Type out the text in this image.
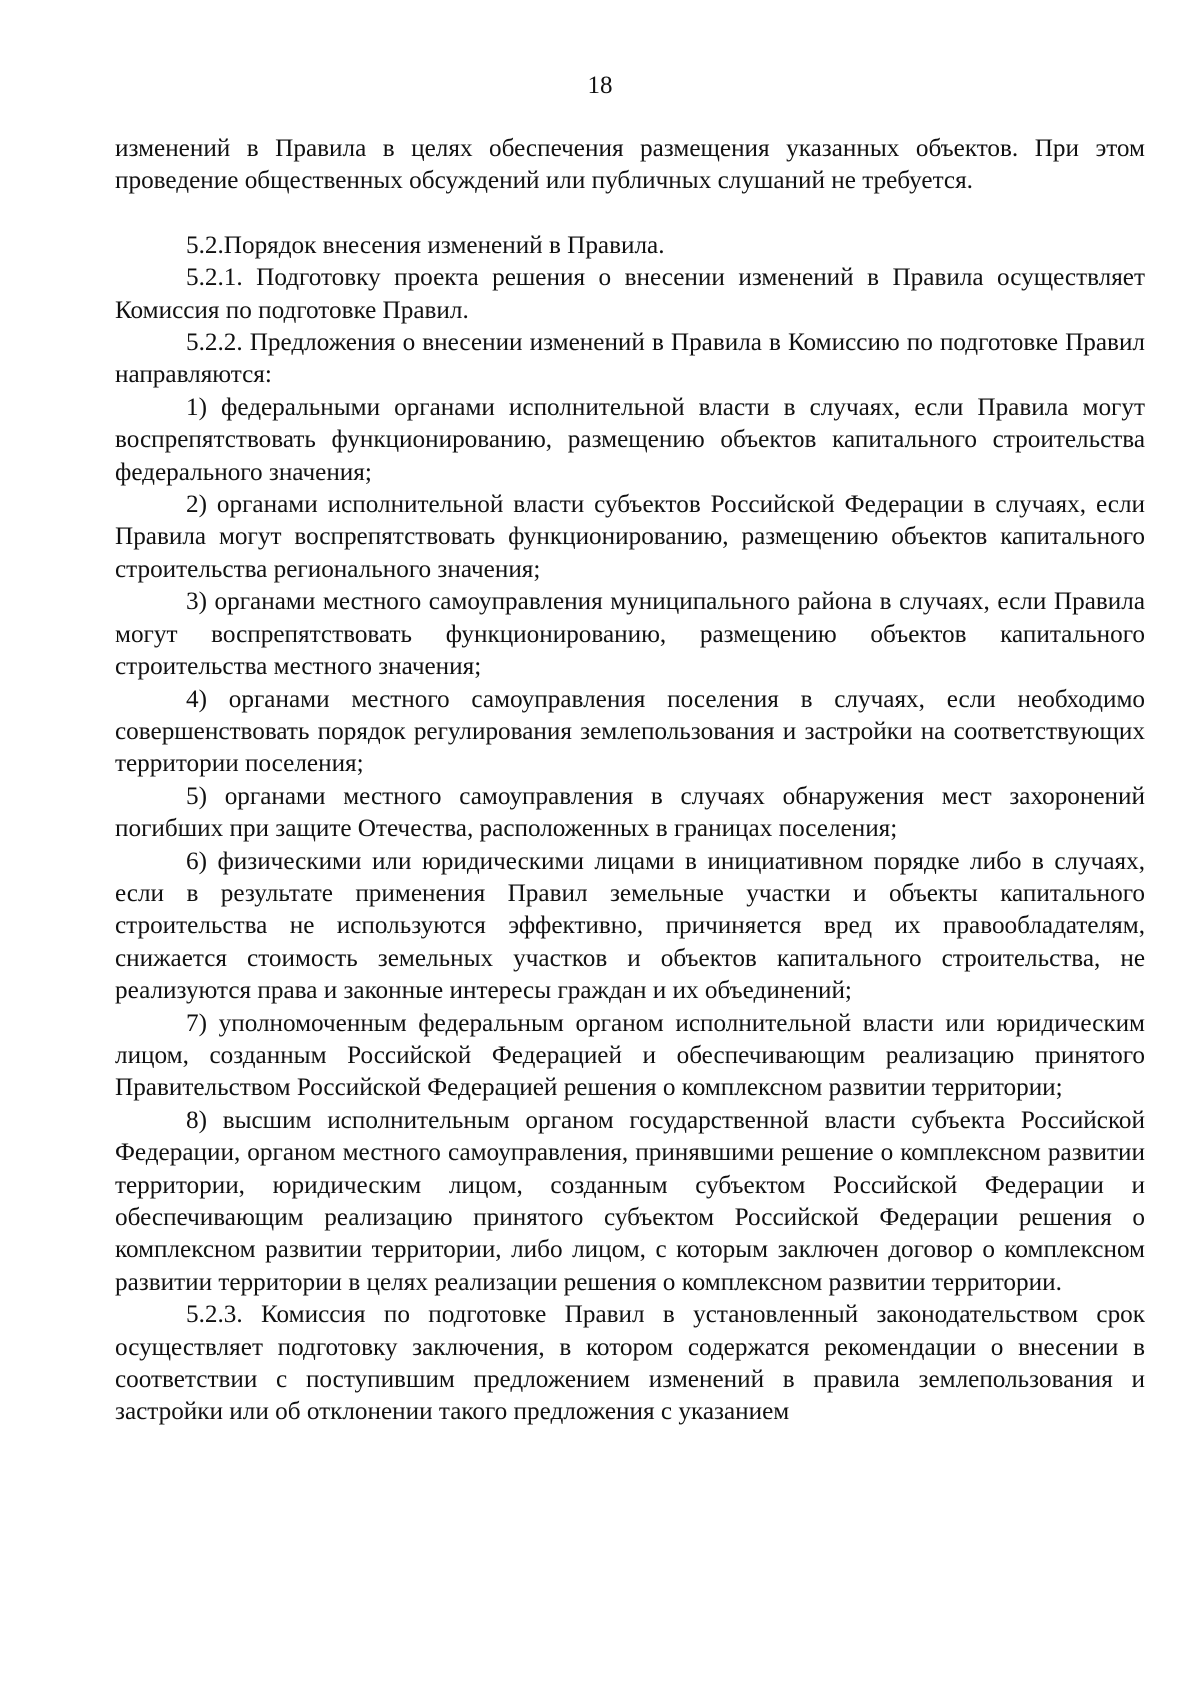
18

изменений в Правила в целях обеспечения размещения указанных объектов. При этом проведение общественных обсуждений или публичных слушаний не требуется.

5.2.Порядок внесения изменений в Правила.

5.2.1. Подготовку проекта решения о внесении изменений в Правила осуществляет Комиссия по подготовке Правил.

5.2.2. Предложения о внесении изменений в Правила в Комиссию по подготовке Правил направляются:

1) федеральными органами исполнительной власти в случаях, если Правила могут воспрепятствовать функционированию, размещению объектов капитального строительства федерального значения;

2) органами исполнительной власти субъектов Российской Федерации в случаях, если Правила могут воспрепятствовать функционированию, размещению объектов капитального строительства регионального значения;

3) органами местного самоуправления муниципального района в случаях, если Правила могут воспрепятствовать функционированию, размещению объектов капитального строительства местного значения;

4) органами местного самоуправления поселения в случаях, если необходимо совершенствовать порядок регулирования землепользования и застройки на соответствующих территории поселения;

5) органами местного самоуправления в случаях обнаружения мест захоронений погибших при защите Отечества, расположенных в границах поселения;

6) физическими или юридическими лицами в инициативном порядке либо в случаях, если в результате применения Правил земельные участки и объекты капитального строительства не используются эффективно, причиняется вред их правообладателям, снижается стоимость земельных участков и объектов капитального строительства, не реализуются права и законные интересы граждан и их объединений;

7) уполномоченным федеральным органом исполнительной власти или юридическим лицом, созданным Российской Федерацией и обеспечивающим реализацию принятого Правительством Российской Федерацией решения о комплексном развитии территории;

8) высшим исполнительным органом государственной власти субъекта Российской Федерации, органом местного самоуправления, принявшими решение о комплексном развитии территории, юридическим лицом, созданным субъектом Российской Федерации и обеспечивающим реализацию принятого субъектом Российской Федерации решения о комплексном развитии территории, либо лицом, с которым заключен договор о комплексном развитии территории в целях реализации решения о комплексном развитии территории.

5.2.3. Комиссия по подготовке Правил в установленный законодательством срок осуществляет подготовку заключения, в котором содержатся рекомендации о внесении в соответствии с поступившим предложением изменений в правила землепользования и застройки или об отклонении такого предложения с указанием
